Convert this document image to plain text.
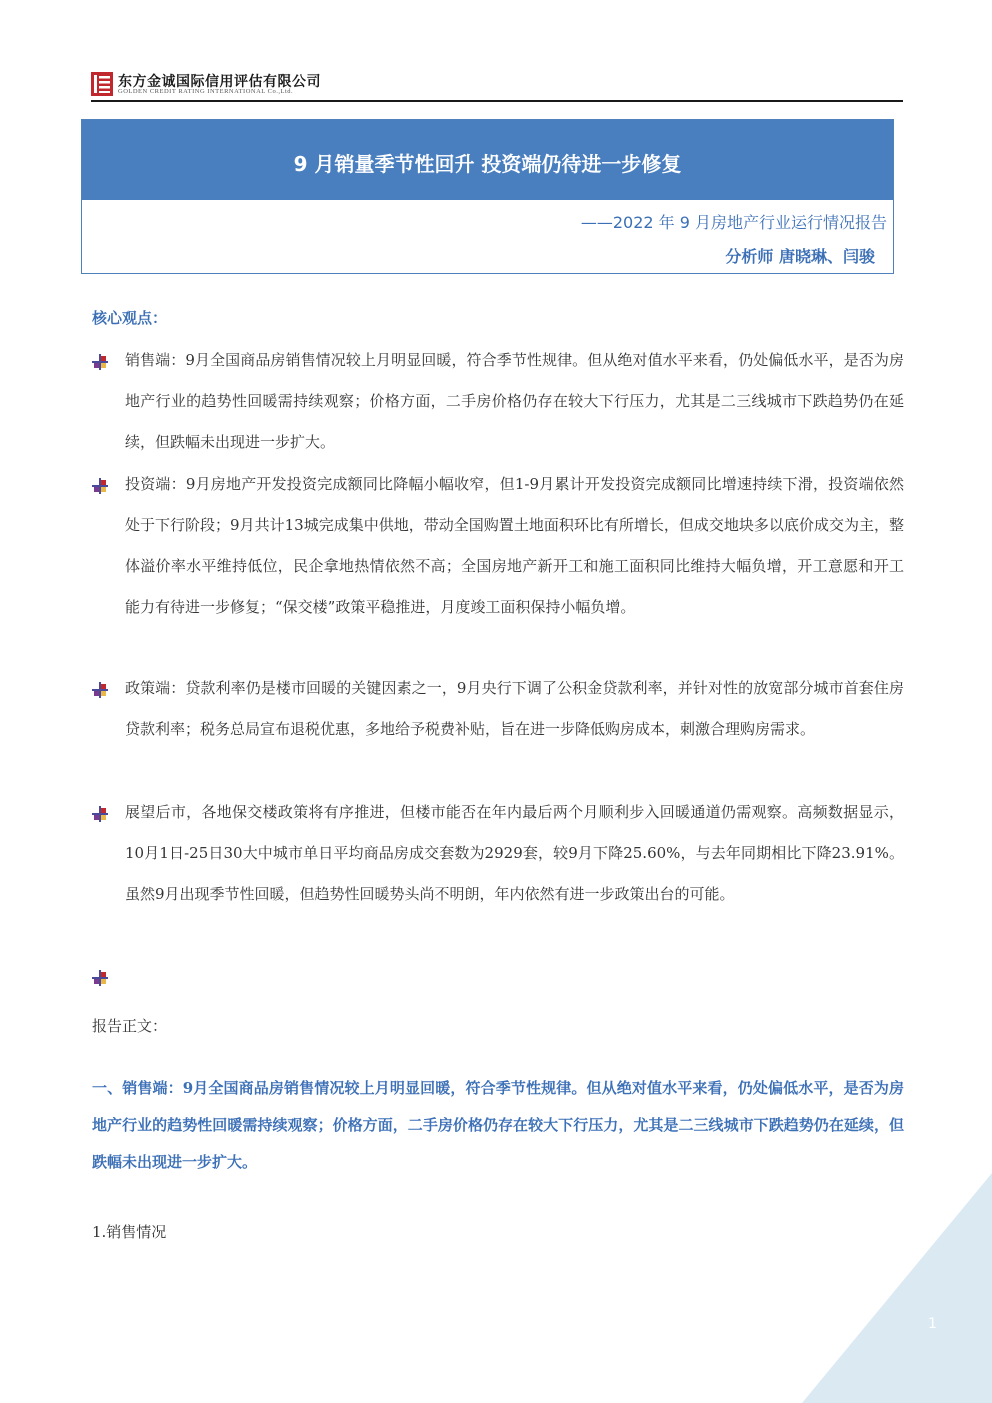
东方金诚国际信用评估有限公司
GOLDEN CREDIT RATING INTERNATIONAL Co.,Ltd.
9 月销量季节性回升 投资端仍待进一步修复
——2022 年 9 月房地产行业运行情况报告
分析师 唐晓琳、闫骏
核心观点：
销售端：9月全国商品房销售情况较上月明显回暖，符合季节性规律。但从绝对值水平来看，仍处偏低水平，是否为房地产行业的趋势性回暖需持续观察；价格方面，二手房价格仍存在较大下行压力，尤其是二三线城市下跌趋势仍在延续，但跌幅未出现进一步扩大。
投资端：9月房地产开发投资完成额同比降幅小幅收窄，但1-9月累计开发投资完成额同比增速持续下滑，投资端依然处于下行阶段；9月共计13城完成集中供地，带动全国购置土地面积环比有所增长，但成交地块多以底价成交为主，整体溢价率水平维持低位，民企拿地热情依然不高；全国房地产新开工和施工面积同比维持大幅负增，开工意愿和开工能力有待进一步修复；“保交楼”政策平稳推进，月度竣工面积保持小幅负增。
政策端：贷款利率仍是楼市回暖的关键因素之一，9月央行下调了公积金贷款利率，并针对性的放宽部分城市首套住房贷款利率；税务总局宣布退税优惠，多地给予税费补贴，旨在进一步降低购房成本，刺激合理购房需求。
展望后市，各地保交楼政策将有序推进，但楼市能否在年内最后两个月顺利步入回暖通道仍需观察。高频数据显示，10月1日-25日30大中城市单日平均商品房成交套数为2929套，较9月下降25.60%，与去年同期相比下降23.91%。虽然9月出现季节性回暖，但趋势性回暖势头尚不明朗，年内依然有进一步政策出台的可能。
报告正文：
一、销售端：9月全国商品房销售情况较上月明显回暖，符合季节性规律。但从绝对值水平来看，仍处偏低水平，是否为房地产行业的趋势性回暖需持续观察；价格方面，二手房价格仍存在较大下行压力，尤其是二三线城市下跌趋势仍在延续，但跌幅未出现进一步扩大。
1.销售情况
1
